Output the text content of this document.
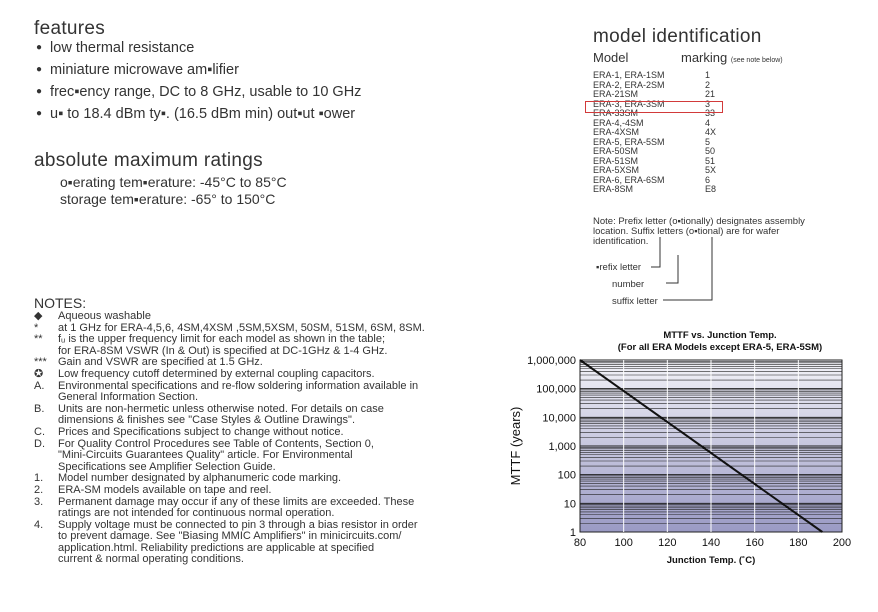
features
● low thermal resistance
● miniature microwave am▪lifier
● frec▪ency range, DC to 8 GHz, usable to 10 GHz
● u▪ to 18.4 dBm ty▪. (16.5 dBm min) out▪ut ▪ower
absolute maximum ratings
o▪erating tem▪erature: -45°C to 85°C
storage tem▪erature: -65° to 150°C
NOTES:
◆	Aqueous washable
*	at 1 GHz for ERA-4,5,6, 4SM,4XSM ,5SM,5XSM, 50SM, 51SM, 6SM, 8SM.
**	fᵤ is the upper frequency limit for each model as shown in the table;
for ERA-8SM VSWR (In & Out) is specified at DC-1GHz & 1-4 GHz.
***	Gain and VSWR are specified at 1.5 GHz.
✪	Low frequency cutoff determined by external coupling capacitors.
A.	Environmental specifications and re-flow soldering information available in
General Information Section.
B.	Units are non-hermetic unless otherwise noted. For details on case
dimensions & finishes see "Case Styles & Outline Drawings".
C.	Prices and Specifications subject to change without notice.
D.	For Quality Control Procedures see Table of Contents, Section 0,
"Mini-Circuits Guarantees Quality" article. For Environmental
Specifications see Amplifier Selection Guide.
1.	Model number designated by alphanumeric code marking.
2.	ERA-SM models available on tape and reel.
3.	Permanent damage may occur if any of these limits are exceeded. These
ratings are not intended for continuous normal operation.
4.	Supply voltage must be connected to pin 3 through a bias resistor in order
to prevent damage. See "Biasing MMIC Amplifiers" in minicircuits.com/
application.html. Reliability predictions are applicable at specified
current & normal operating conditions.
model identification
Model	marking (see note below)
ERA-1, ERA-1SM	1
ERA-2, ERA-2SM	2
ERA-21SM	21
ERA-3, ERA-3SM	3
ERA-33SM	33
ERA-4,-4SM	4
ERA-4XSM	4X
ERA-5, ERA-5SM	5
ERA-50SM	50
ERA-51SM	51
ERA-5XSM	5X
ERA-6, ERA-6SM	6
ERA-8SM	E8
Note: Prefix letter (o▪tionally) designates assembly location. Suffix letters (o▪tional) are for wafer identification.
▪refix letter
number
suffix letter
MTTF vs. Junction Temp.
(For all ERA Models except ERA-5, ERA-5SM)
80	100 120 140 160 180 200
1
10
100
1,000
10,000
100,000
1,000,000
MTTF (years)
Junction Temp. (˚C)
